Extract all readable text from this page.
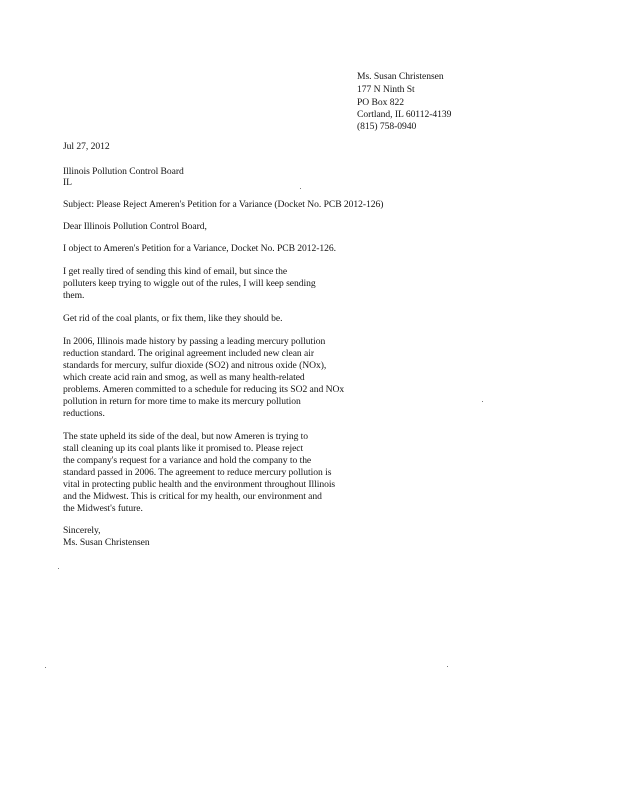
Ms. Susan Christensen
177 N Ninth St
PO Box 822
Cortland, IL 60112-4139
(815) 758-0940
Jul 27, 2012
Illinois Pollution Control Board
IL
Subject: Please Reject Ameren's Petition for a Variance (Docket No. PCB 2012-126)
Dear Illinois Pollution Control Board,
I object to Ameren's Petition for a Variance, Docket No. PCB 2012-126.
I get really tired of sending this kind of email, but since the
polluters keep trying to wiggle out of the rules, I will keep sending
them.
Get rid of the coal plants, or fix them, like they should be.
In 2006, Illinois made history by passing a leading mercury pollution
reduction standard. The original agreement included new clean air
standards for mercury, sulfur dioxide (SO2) and nitrous oxide (NOx),
which create acid rain and smog, as well as many health-related
problems. Ameren committed to a schedule for reducing its SO2 and NOx
pollution in return for more time to make its mercury pollution
reductions.
The state upheld its side of the deal, but now Ameren is trying to
stall cleaning up its coal plants like it promised to. Please reject
the company's request for a variance and hold the company to the
standard passed in 2006. The agreement to reduce mercury pollution is
vital in protecting public health and the environment throughout Illinois
and the Midwest. This is critical for my health, our environment and
the Midwest's future.
Sincerely,
Ms. Susan Christensen
